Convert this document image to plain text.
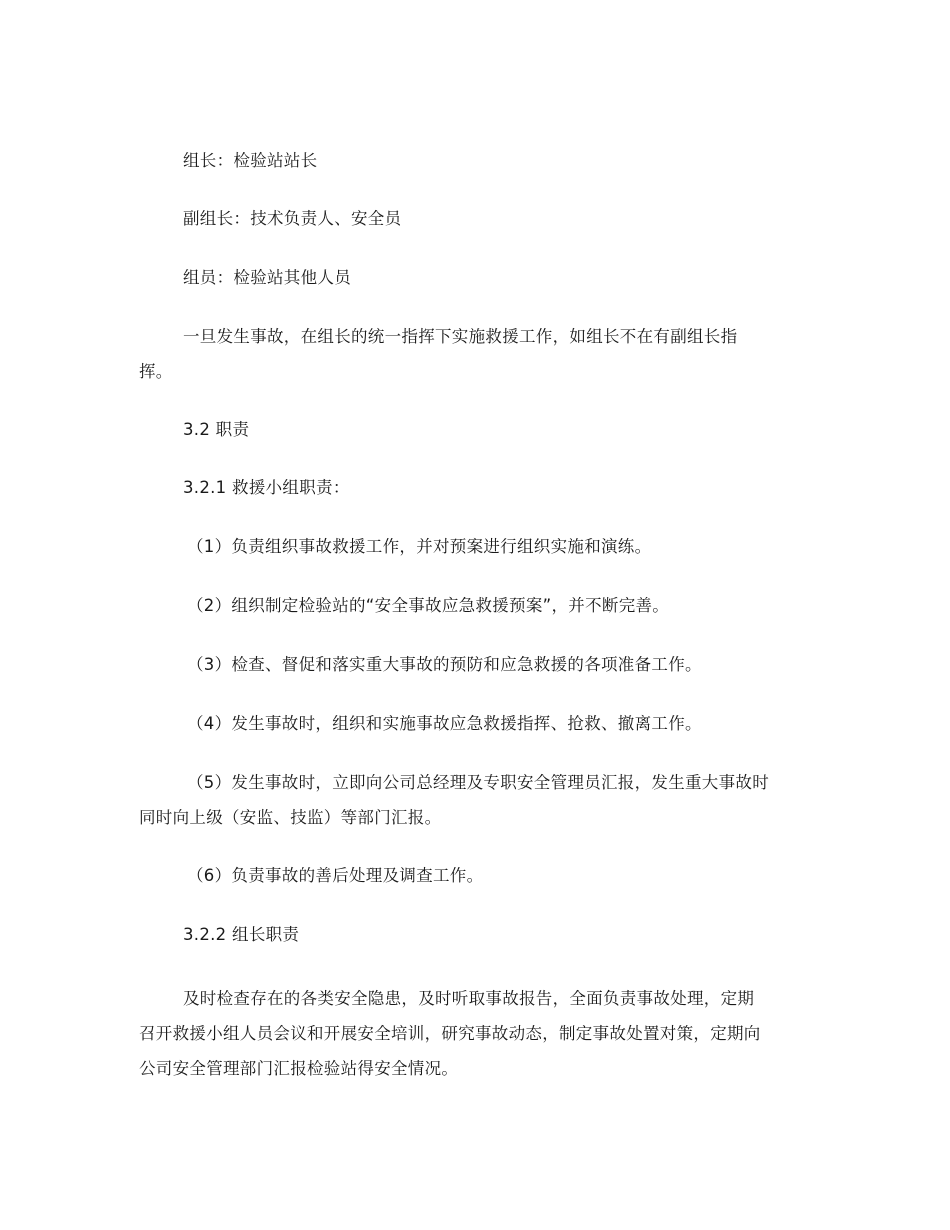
组长：检验站站长

副组长：技术负责人、安全员

组员：检验站其他人员

一旦发生事故，在组长的统一指挥下实施救援工作，如组长不在有副组长指挥。

3.2 职责

3.2.1 救援小组职责：

（1）负责组织事故救援工作，并对预案进行组织实施和演练。

（2）组织制定检验站的“安全事故应急救援预案”，并不断完善。

（3）检查、督促和落实重大事故的预防和应急救援的各项准备工作。

（4）发生事故时，组织和实施事故应急救援指挥、抢救、撤离工作。

（5）发生事故时，立即向公司总经理及专职安全管理员汇报，发生重大事故时同时向上级（安监、技监）等部门汇报。

（6）负责事故的善后处理及调查工作。

3.2.2 组长职责

及时检查存在的各类安全隐患，及时听取事故报告，全面负责事故处理，定期召开救援小组人员会议和开展安全培训，研究事故动态，制定事故处置对策，定期向公司安全管理部门汇报检验站得安全情况。
